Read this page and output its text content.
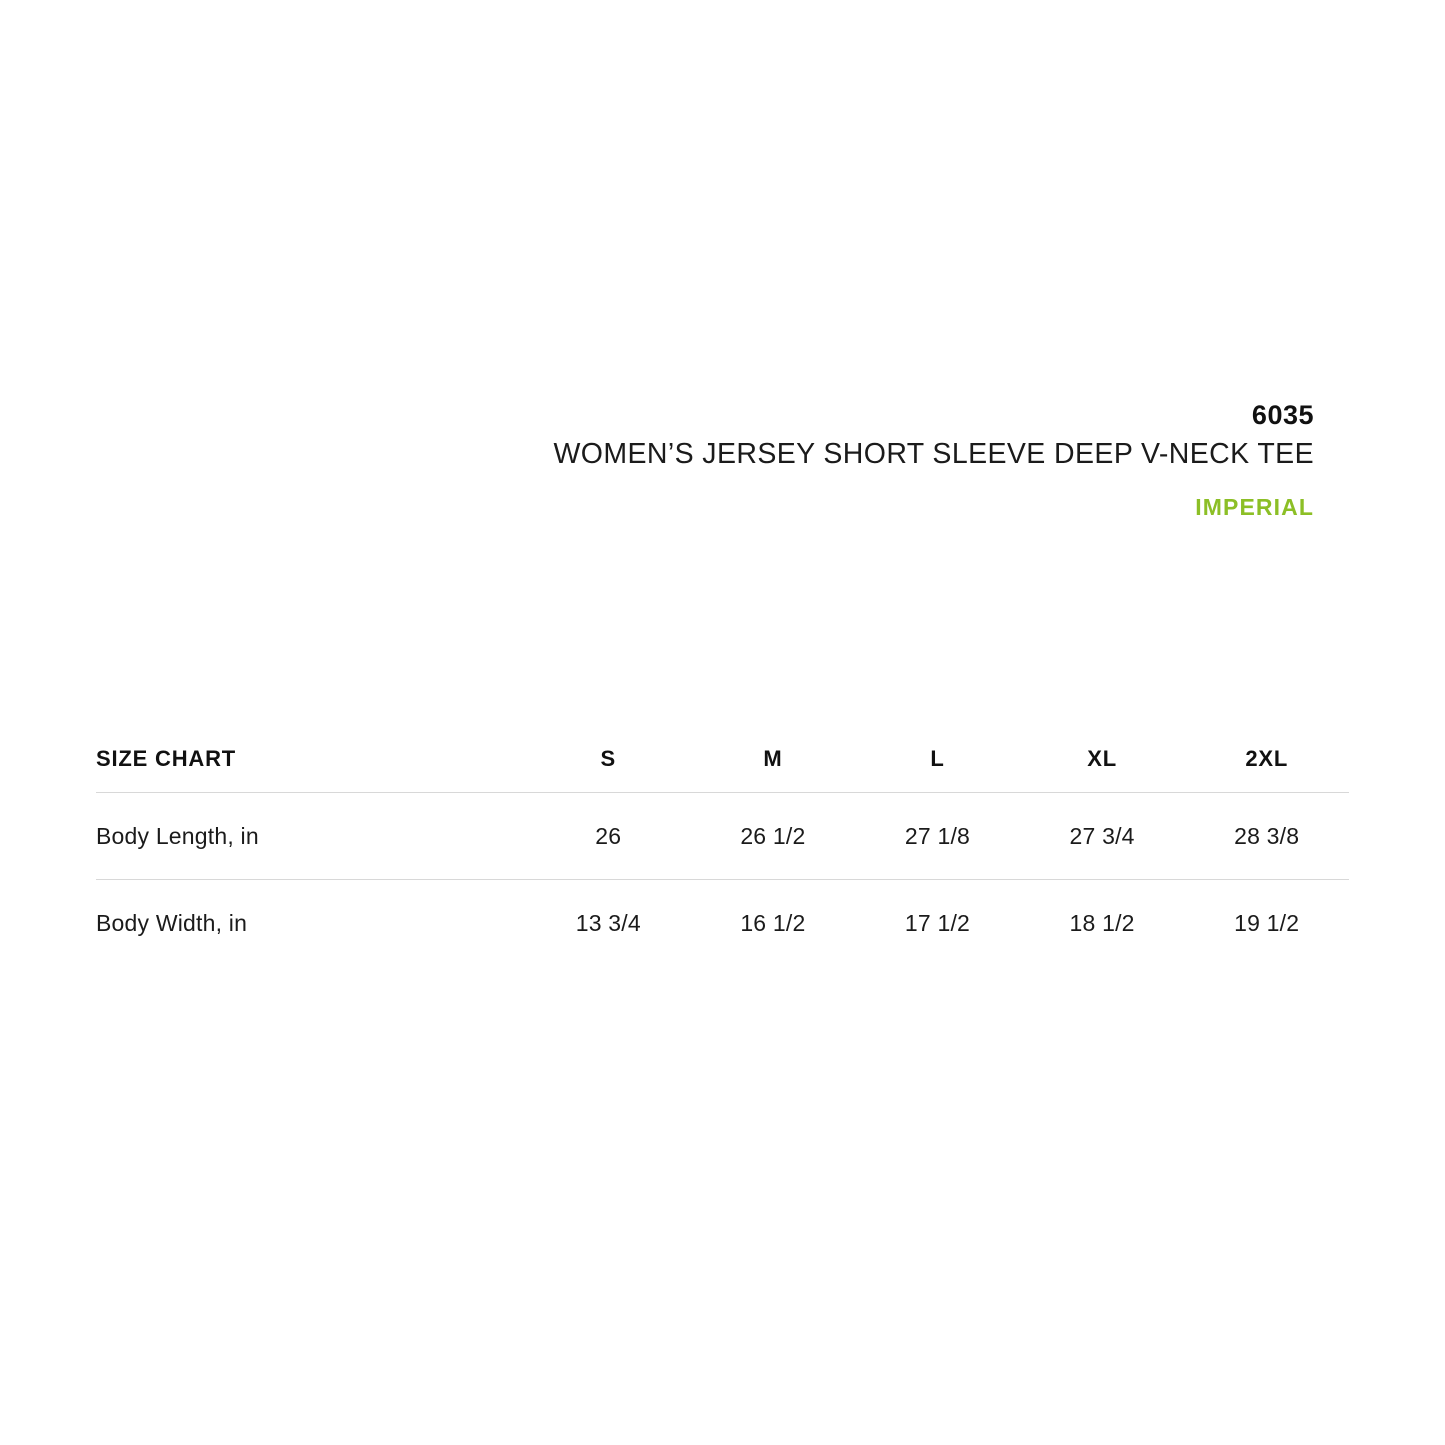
6035
WOMEN’S JERSEY SHORT SLEEVE DEEP V-NECK TEE
IMPERIAL
SIZE CHART	S	M	L	XL	2XL
Body Length, in	26	26 1/2	27 1/8	27 3/4	28 3/8
Body Width, in	13 3/4	16 1/2	17 1/2	18 1/2	19 1/2
